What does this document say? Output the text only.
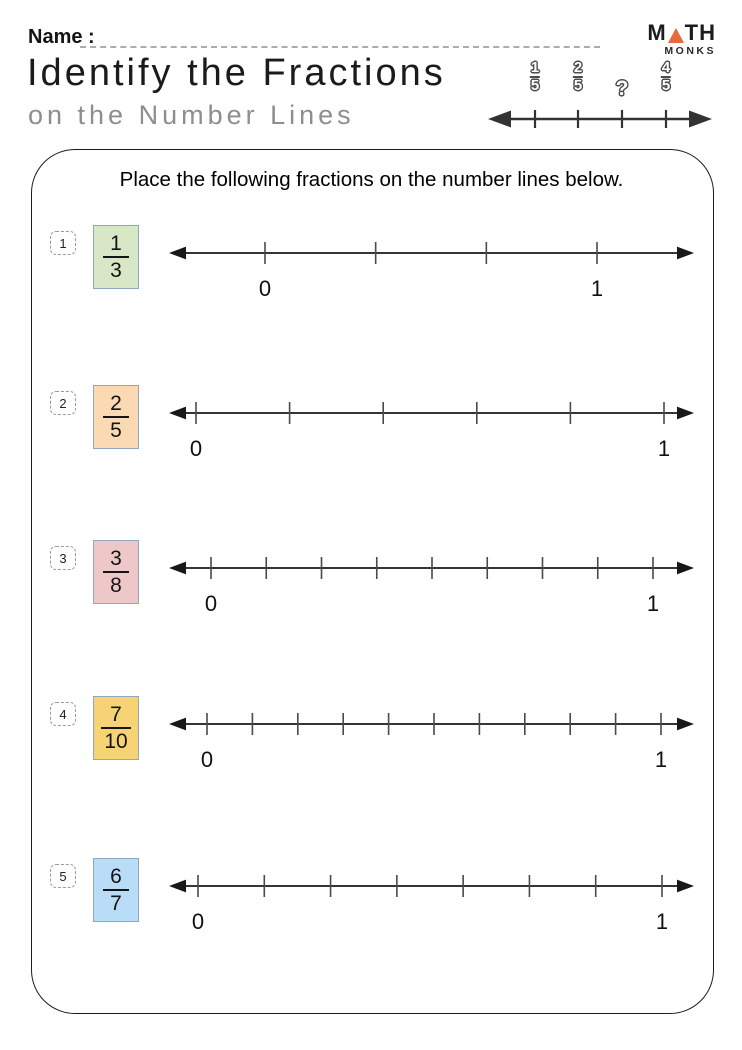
Name :	M TH
MONKS
Identify the Fractions
on the Number Lines
$\frac{1}{5} \frac{2}{5}$ ? $\frac{4}{5}$
Place the following fractions on the number lines below.
1	1
3
0	1
2	2
5
0	1
3	3
8
0	1
4	7
10
0	1
5	6
7
0	1
